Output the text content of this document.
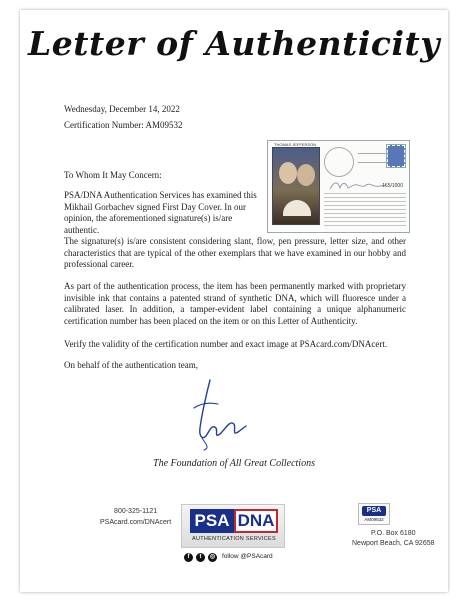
Letter of Authenticity
Wednesday, December 14, 2022
Certification Number: AM09532
THOMAS JEFFERSON
165/1000
To Whom It May Concern:
PSA/DNA Authentication Services has examined this Mikhail Gorbachev signed First Day Cover. In our opinion, the aforementioned signature(s) is/are authentic.
The signature(s) is/are consistent considering slant, flow, pen pressure, letter size, and other characteristics that are typical of the other exemplars that we have examined in our hobby and professional career.
As part of the authentication process, the item has been permanently marked with proprietary invisible ink that contains a patented strand of synthetic DNA, which will fluoresce under a calibrated laser. In addition, a tamper-evident label containing a unique alphanumeric certification number has been placed on the item or on this Letter of Authenticity.
Verify the validity of the certification number and exact image at PSAcard.com/DNAcert.
On behalf of the authentication team,
The Foundation of All Great Collections
800-325-1121
PSAcard.com/DNAcert PSA DNA
AUTHENTICATION SERVICES
f	t	◎ follow @PSAcard
PSA
AM09532
P.O. Box 6180
Newport Beach, CA 92658
